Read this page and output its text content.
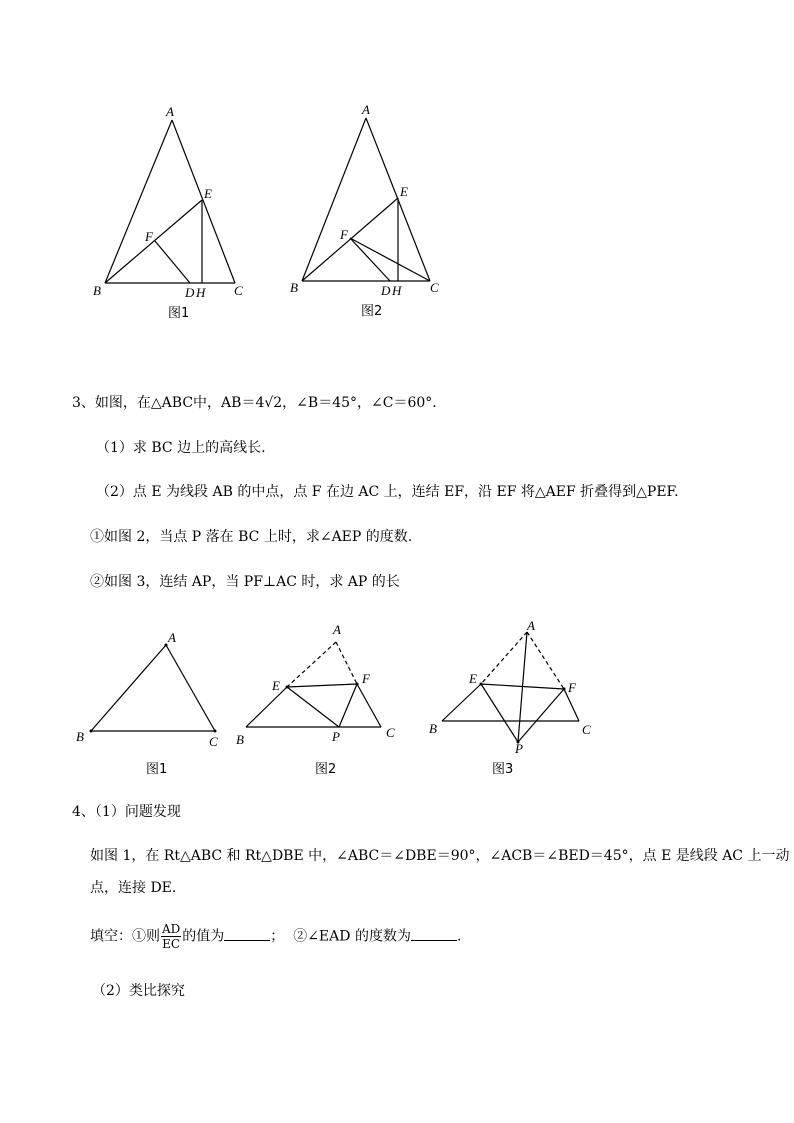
A
E
F
B	D H C
图1
A
E
F
B	D H C
图2
A
B	C
图1
A
E	F
B	P	C
图2
A
E
F
B
P
C
图3
3、如图，在△ABC中，AB＝4√2，∠B＝45°，∠C＝60°.
（1）求 BC 边上的高线长.
（2）点 E 为线段 AB 的中点，点 F 在边 AC 上，连结 EF，沿 EF 将△AEF 折叠得到△PEF.
①如图 2，当点 P 落在 BC 上时，求∠AEP 的度数.
②如图 3，连结 AP，当 PF⊥AC 时，求 AP 的长
4、（1）问题发现
如图 1，在 Rt△ABC 和 Rt△DBE 中，∠ABC＝∠DBE＝90°，∠ACB＝∠BED＝45°，点 E 是线段 AC 上一动
点，连接 DE.
填空：①则 $\frac{AD}{EC}$ 的值为	； ②∠EAD 的度数为	.
（2）类比探究
